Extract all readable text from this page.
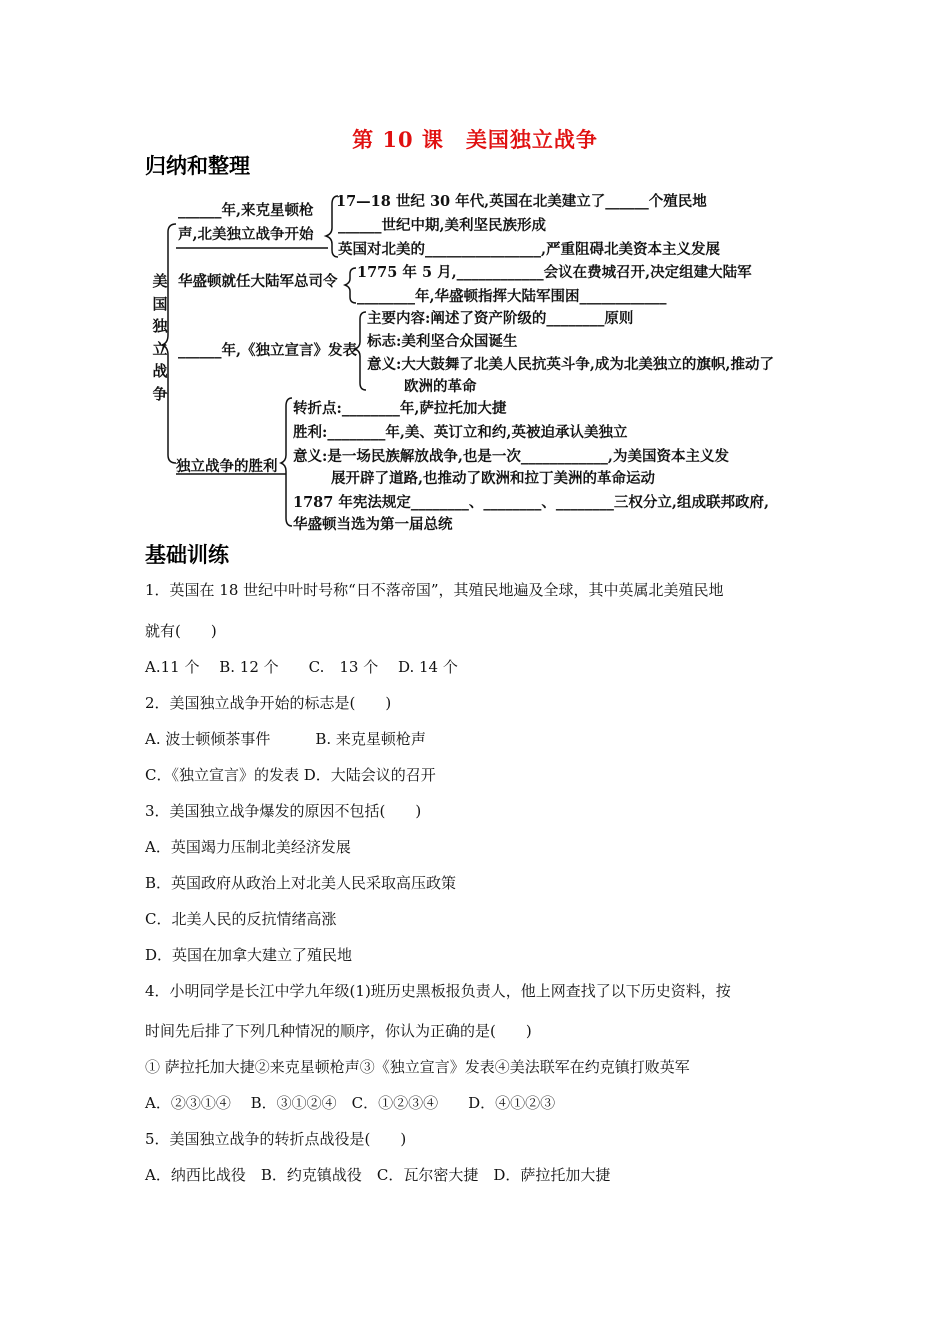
第 10 课　美国独立战争
归纳和整理
美
国
独
立
战
争
______年,来克星顿枪
声,北美独立战争开始
17—18 世纪 30 年代,英国在北美建立了______个殖民地
______世纪中期,美利坚民族形成
英国对北美的________________,严重阻碍北美资本主义发展
华盛顿就任大陆军总司令
1775 年 5 月,____________会议在费城召开,决定组建大陆军
________年,华盛顿指挥大陆军围困____________
______年,《独立宣言》发表
主要内容:阐述了资产阶级的________原则
标志:美利坚合众国诞生
意义:大大鼓舞了北美人民抗英斗争,成为北美独立的旗帜,推动了
欧洲的革命
独立战争的胜利
转折点:________年,萨拉托加大捷
胜利:________年,美、英订立和约,英被迫承认美独立
意义:是一场民族解放战争,也是一次____________,为美国资本主义发
展开辟了道路,也推动了欧洲和拉丁美洲的革命运动
1787 年宪法规定________、________、________三权分立,组成联邦政府,
华盛顿当选为第一届总统
基础训练
1．英国在 18 世纪中叶时号称“日不落帝国”，其殖民地遍及全球，其中英属北美殖民地
就有(　　)
A.11 个　 B. 12 个　　C.　13 个　 D. 14 个
2．美国独立战争开始的标志是(　　)
A. 波士顿倾茶事件　　　B. 来克星顿枪声
C．《独立宣言》的发表 D．大陆会议的召开
3．美国独立战争爆发的原因不包括(　　)
A．英国竭力压制北美经济发展
B．英国政府从政治上对北美人民采取高压政策
C．北美人民的反抗情绪高涨
D．英国在加拿大建立了殖民地
4．小明同学是长江中学九年级(1)班历史黑板报负责人，他上网查找了以下历史资料，按
时间先后排了下列几种情况的顺序，你认为正确的是(　　)
① 萨拉托加大捷②来克星顿枪声③《独立宣言》发表④美法联军在约克镇打败英军
A．②③①④　 B．③①②④　C．①②③④　　D．④①②③
5．美国独立战争的转折点战役是(　　)
A．纳西比战役　B．约克镇战役　C．瓦尔密大捷　D．萨拉托加大捷
